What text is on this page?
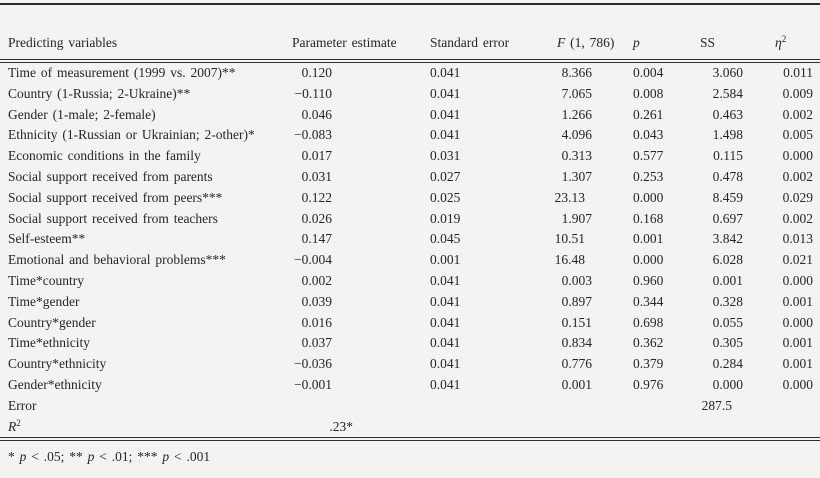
Predicting variables	Parameter estimate	Standard error	F (1, 786)	p	SS	$\eta^2$
Time of measurement (1999 vs. 2007)**	0.120	0.041	8.366	0.004	3.060	0.011
Country (1-Russia; 2-Ukraine)**	−0.110	0.041	7.065	0.008	2.584	0.009
Gender (1-male; 2-female)	0.046	0.041	1.266	0.261	0.463	0.002
Ethnicity (1-Russian or Ukrainian; 2-other)*	−0.083	0.041	4.096	0.043	1.498	0.005
Economic conditions in the family	0.017	0.031	0.313	0.577	0.115	0.000
Social support received from parents	0.031	0.027	1.307	0.253	0.478	0.002
Social support received from peers***	0.122	0.025	23.13	0.000	8.459	0.029
Social support received from teachers	0.026	0.019	1.907	0.168	0.697	0.002
Self-esteem**	0.147	0.045	10.51	0.001	3.842	0.013
Emotional and behavioral problems***	−0.004	0.001	16.48	0.000	6.028	0.021
Time*country	0.002	0.041	0.003	0.960	0.001	0.000
Time*gender	0.039	0.041	0.897	0.344	0.328	0.001
Country*gender	0.016	0.041	0.151	0.698	0.055	0.000
Time*ethnicity	0.037	0.041	0.834	0.362	0.305	0.001
Country*ethnicity	−0.036	0.041	0.776	0.379	0.284	0.001
Gender*ethnicity	−0.001	0.041	0.001	0.976	0.000	0.000
Error					287.5	
$R^2$	.23*					
* p < .05; ** p < .01; *** p < .001
